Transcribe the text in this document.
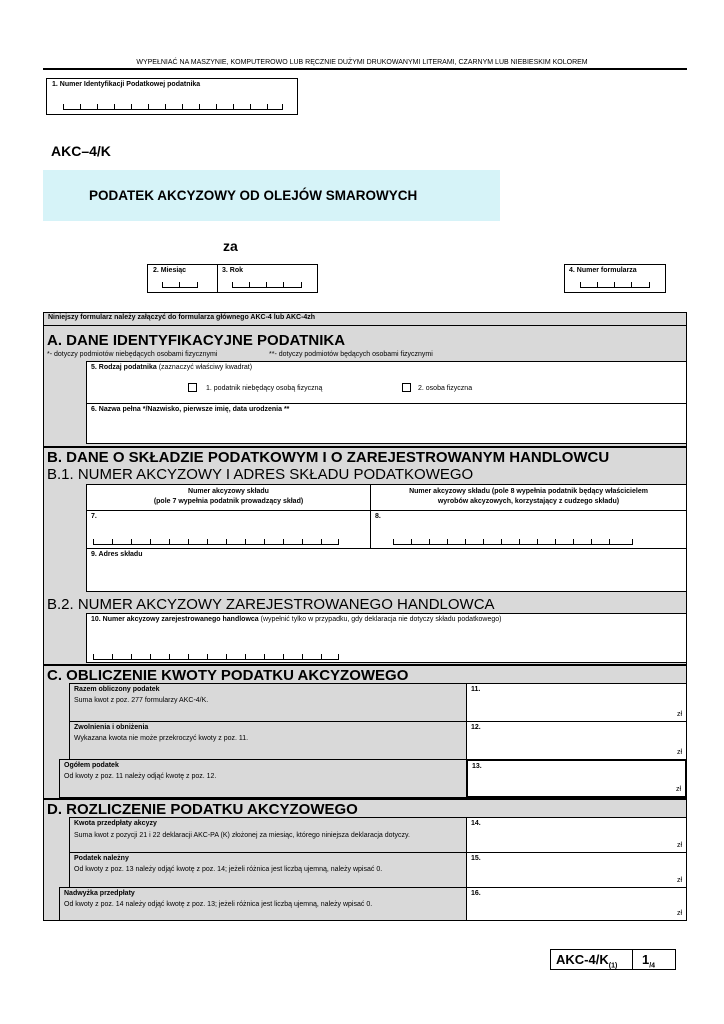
WYPEŁNIAĆ NA MASZYNIE, KOMPUTEROWO LUB RĘCZNIE DUŻYMI DRUKOWANYMI LITERAMI, CZARNYM LUB NIEBIESKIM KOLOREM
1. Numer Identyfikacji Podatkowej podatnika
AKC–4/K
PODATEK AKCYZOWY OD OLEJÓW SMAROWYCH
za
2. Miesiąc	3. Rok	4. Numer formularza
Niniejszy formularz należy załączyć do formularza głównego AKC-4 lub AKC-4zh
A. DANE IDENTYFIKACYJNE PODATNIKA
*- dotyczy podmiotów niebędących osobami fizycznymi	**- dotyczy podmiotów będących osobami fizycznymi
5. Rodzaj podatnika (zaznaczyć właściwy kwadrat)
1. podatnik niebędący osobą fizyczną	2. osoba fizyczna
6. Nazwa pełna */Nazwisko, pierwsze imię, data urodzenia **
B. DANE O SKŁADZIE PODATKOWYM I O ZAREJESTROWANYM HANDLOWCU
B.1. NUMER AKCYZOWY I ADRES SKŁADU PODATKOWEGO
Numer akcyzowy składu
(pole 7 wypełnia podatnik prowadzący skład)
Numer akcyzowy składu (pole 8 wypełnia podatnik będący właścicielem
wyrobów akcyzowych, korzystający z cudzego składu)
7.	8.
9. Adres składu
B.2. NUMER AKCYZOWY ZAREJESTROWANEGO HANDLOWCA
10. Numer akcyzowy zarejestrowanego handlowca (wypełnić tylko w przypadku, gdy deklaracja nie dotyczy składu podatkowego)
C. OBLICZENIE KWOTY PODATKU AKCYZOWEGO
Razem obliczony podatek
Suma kwot z poz. 277 formularzy AKC-4/K.
11.
zł
Zwolnienia i obniżenia
Wykazana kwota nie może przekroczyć kwoty z poz. 11.
12.
zł
Ogółem podatek
Od kwoty z poz. 11 należy odjąć kwotę z poz. 12.
13.
zł
D. ROZLICZENIE PODATKU AKCYZOWEGO
Kwota przedpłaty akcyzy
Suma kwot z pozycji 21 i 22 deklaracji AKC-PA (K) złożonej za miesiąc, którego niniejsza deklaracja dotyczy.
14.
zł
Podatek należny
Od kwoty z poz. 13 należy odjąć kwotę z poz. 14; jeżeli różnica jest liczbą ujemną, należy wpisać 0.
15.
zł
Nadwyżka przedpłaty
Od kwoty z poz. 14 należy odjąć kwotę z poz. 13; jeżeli różnica jest liczbą ujemną, należy wpisać 0.
16.
zł
AKC-$4/K_{(1)}$ $1_{/4}$
